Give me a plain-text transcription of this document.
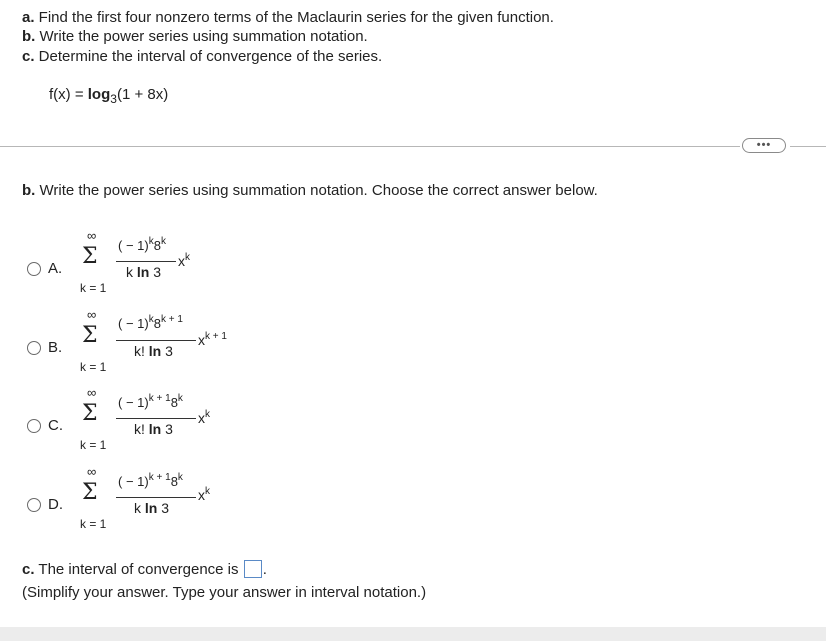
a. Find the first four nonzero terms of the Maclaurin series for the given function.
b. Write the power series using summation notation.
c. Determine the interval of convergence of the series.
$f(x) = \log_3(1 + 8x)$
•••
b. Write the power series using summation notation. Choose the correct answer below.
A.
∞
Σ
k = 1
( − $1)^k8^k$
k ln 3
$x^k$
B.
∞
Σ
k = 1
( − $1)^k8^{k + 1}$
k! ln 3
$x^{k + 1}$
C.
∞
Σ
k = 1
( − $1)^{k + 1}8^k$
k! ln 3
$x^k$
D.
∞
Σ
k = 1
( − $1)^{k + 1}8^k$
k ln 3
$x^k$
c. The interval of convergence is .
(Simplify your answer. Type your answer in interval notation.)
